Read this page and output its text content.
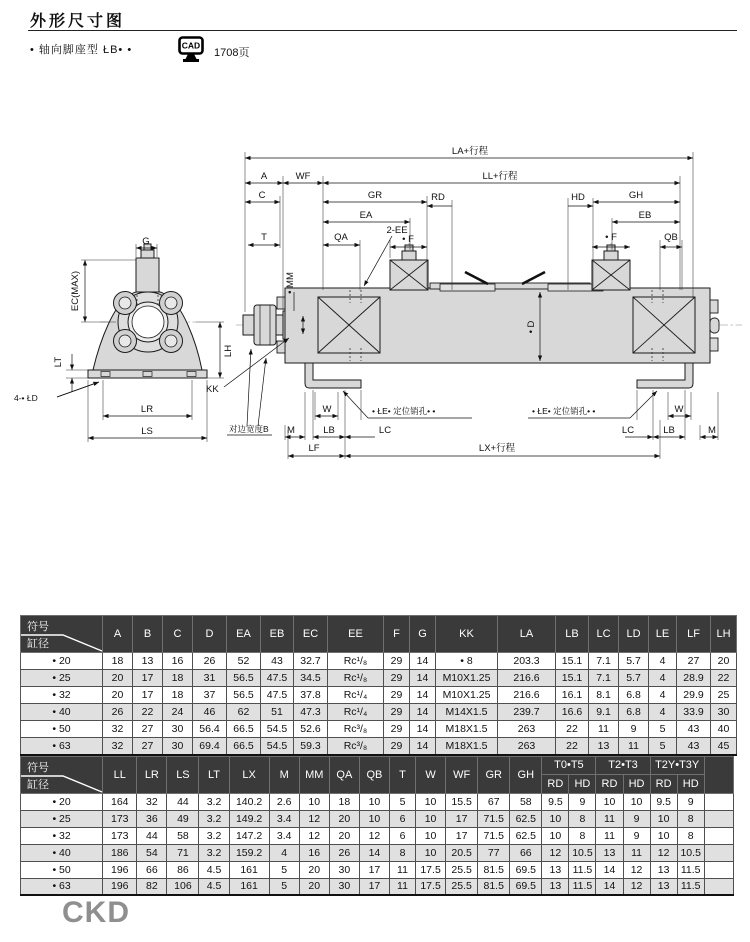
外形尺寸图
• 轴向脚座型 ŁB• •	CAD
1708页
G
EC(MAX)
LT
LH
4-• ŁD
LR
LS
LA+行程
A	WF	LL+行程
C	GR	RD	HD	GH
EA	EB
T	QA
2-EE
• F	• F	QB
• MM
• D
KK
对边宽度B
W	W
M	LB	LC	LC	LB	M
• ŁE• 定位销孔• •	• ŁE• 定位销孔• •
LF	LX+行程
符号
缸径	A	B	C	D	EA	EB	EC	EE	F	G	KK	LA	LB	LC	LD	LE	LF	LH
• 20	18	13	16	26	52	43	32.7	Rc¹/₈	29	14	• 8	203.3	15.1	7.1	5.7	4	27	20
• 25	20	17	18	31	56.5	47.5	34.5	Rc¹/₈	29	14	M10X1.25	216.6	15.1	7.1	5.7	4	28.9	22
• 32	20	17	18	37	56.5	47.5	37.8	Rc¹/₄	29	14	M10X1.25	216.6	16.1	8.1	6.8	4	29.9	25
• 40	26	22	24	46	62	51	47.3	Rc¹/₄	29	14	M14X1.5	239.7	16.6	9.1	6.8	4	33.9	30
• 50	32	27	30	56.4	66.5	54.5	52.6	Rc³/₈	29	14	M18X1.5	263	22	11	9	5	43	40
• 63	32	27	30	69.4	66.5	54.5	59.3	Rc³/₈	29	14	M18X1.5	263	22	13	11	5	43	45
符号
缸径	LL	LR	LS	LT	LX	M	MM	QA	QB	T	W	WF	GR	GH	T0•T5		T2•T3		T2Y•T3Y		
															RD	HD	RD	HD	RD	HD	
• 20	164	32	44	3.2	140.2	2.6	10	18	10	5	10	15.5	67	58	9.5	9	10	10	9.5	9	
• 25	173	36	49	3.2	149.2	3.4	12	20	10	6	10	17	71.5	62.5	10	8	11	9	10	8	
• 32	173	44	58	3.2	147.2	3.4	12	20	12	6	10	17	71.5	62.5	10	8	11	9	10	8	
• 40	186	54	71	3.2	159.2	4	16	26	14	8	10	20.5	77	66	12	10.5	13	11	12	10.5	
• 50	196	66	86	4.5	161	5	20	30	17	11	17.5	25.5	81.5	69.5	13	11.5	14	12	13	11.5	
• 63	196	82	106	4.5	161	5	20	30	17	11	17.5	25.5	81.5	69.5	13	11.5	14	12	13	11.5	
CKD
